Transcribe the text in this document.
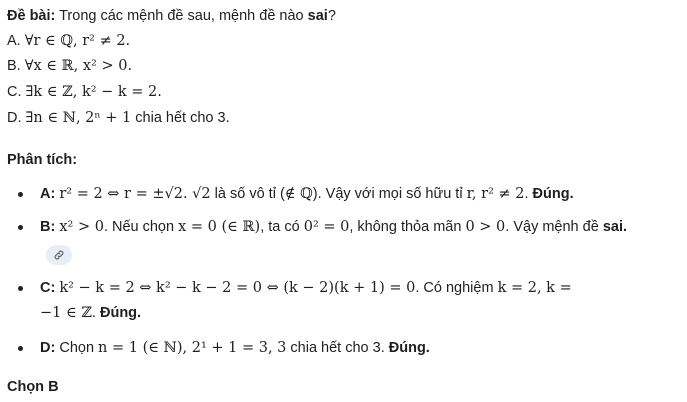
Đề bài: Trong các mệnh đề sau, mệnh đề nào sai?
A. ∀r ∈ ℚ, r² ≠ 2.
B. ∀x ∈ ℝ, x² > 0.
C. ∃k ∈ ℤ, k² − k = 2.
D. ∃n ∈ ℕ, 2ⁿ + 1 chia hết cho 3.
Phân tích:
A: r² = 2 ⇔ r = ±√2. √2 là số vô tỉ (∉ ℚ). Vậy với mọi số hữu tỉ r, r² ≠ 2. Đúng.
B: x² > 0. Nếu chọn x = 0 (∈ ℝ), ta có 0² = 0, không thỏa mãn 0 > 0. Vậy mệnh đề sai.
C: k² − k = 2 ⇔ k² − k − 2 = 0 ⇔ (k − 2)(k + 1) = 0. Có nghiệm k = 2, k =
−1 ∈ ℤ. Đúng.
D: Chọn n = 1 (∈ ℕ), 2¹ + 1 = 3, 3 chia hết cho 3. Đúng.
Chọn B
